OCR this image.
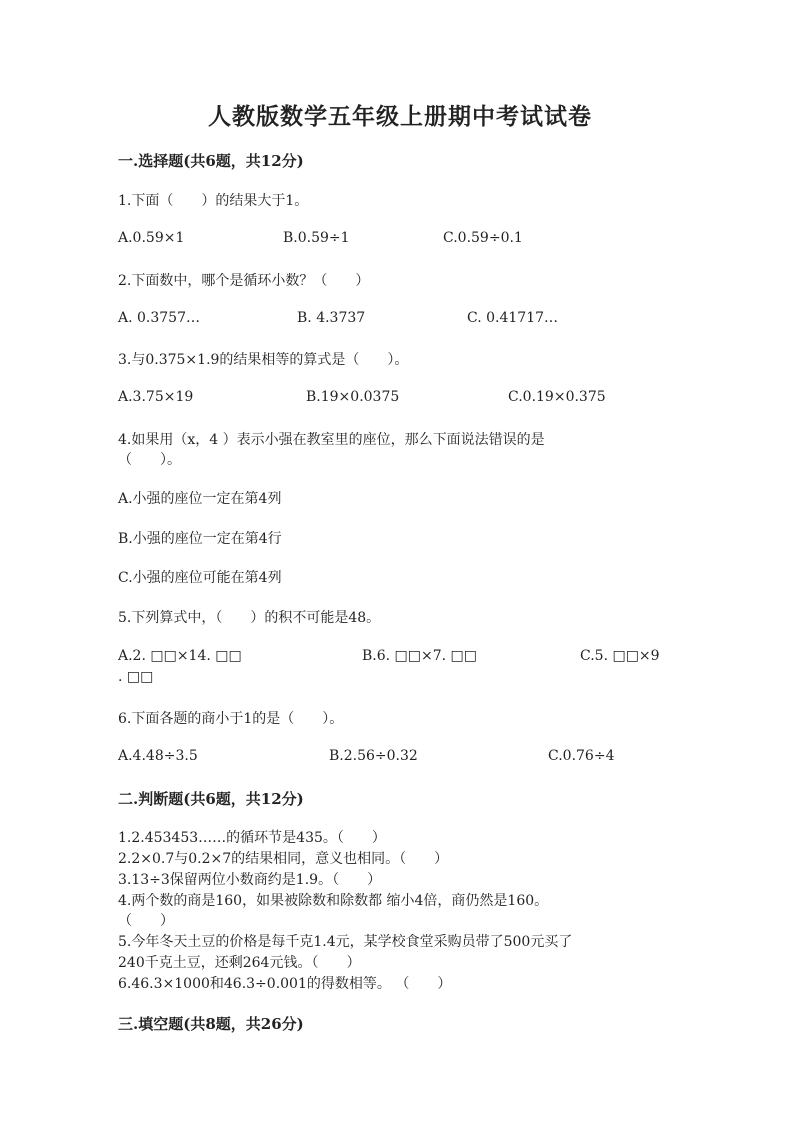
人教版数学五年级上册期中考试试卷
一.选择题(共6题，共12分)
1.下面（　　）的结果大于1。
A.0.59×1	B.0.59÷1	C.0.59÷0.1
2.下面数中，哪个是循环小数？（　　）
A. 0.3757…	B. 4.3737	C. 0.41717…
3.与0.375×1.9的结果相等的算式是（　　）。
A.3.75×19	B.19×0.0375	C.0.19×0.375
4.如果用（x，4 ）表示小强在教室里的座位，那么下面说法错误的是
（　　）。
A.小强的座位一定在第4列
B.小强的座位一定在第4行
C.小强的座位可能在第4列
5.下列算式中，（　　）的积不可能是48。
A.2. □□×14. □□	B.6. □□×7. □□	C.5. □□×9
. □□
6.下面各题的商小于1的是（　　）。
A.4.48÷3.5	B.2.56÷0.32	C.0.76÷4
二.判断题(共6题，共12分)
1.2.453453……的循环节是435。（　　）
2.2×0.7与0.2×7的结果相同，意义也相同。（　　）
3.13÷3保留两位小数商约是1.9。（　　）
4.两个数的商是160，如果被除数和除数都 缩小4倍，商仍然是160。
（　　）
5.今年冬天土豆的价格是每千克1.4元，某学校食堂采购员带了500元买了
240千克土豆，还剩264元钱。（　　）
6.46.3×1000和46.3÷0.001的得数相等。 （　　）
三.填空题(共8题，共26分)
